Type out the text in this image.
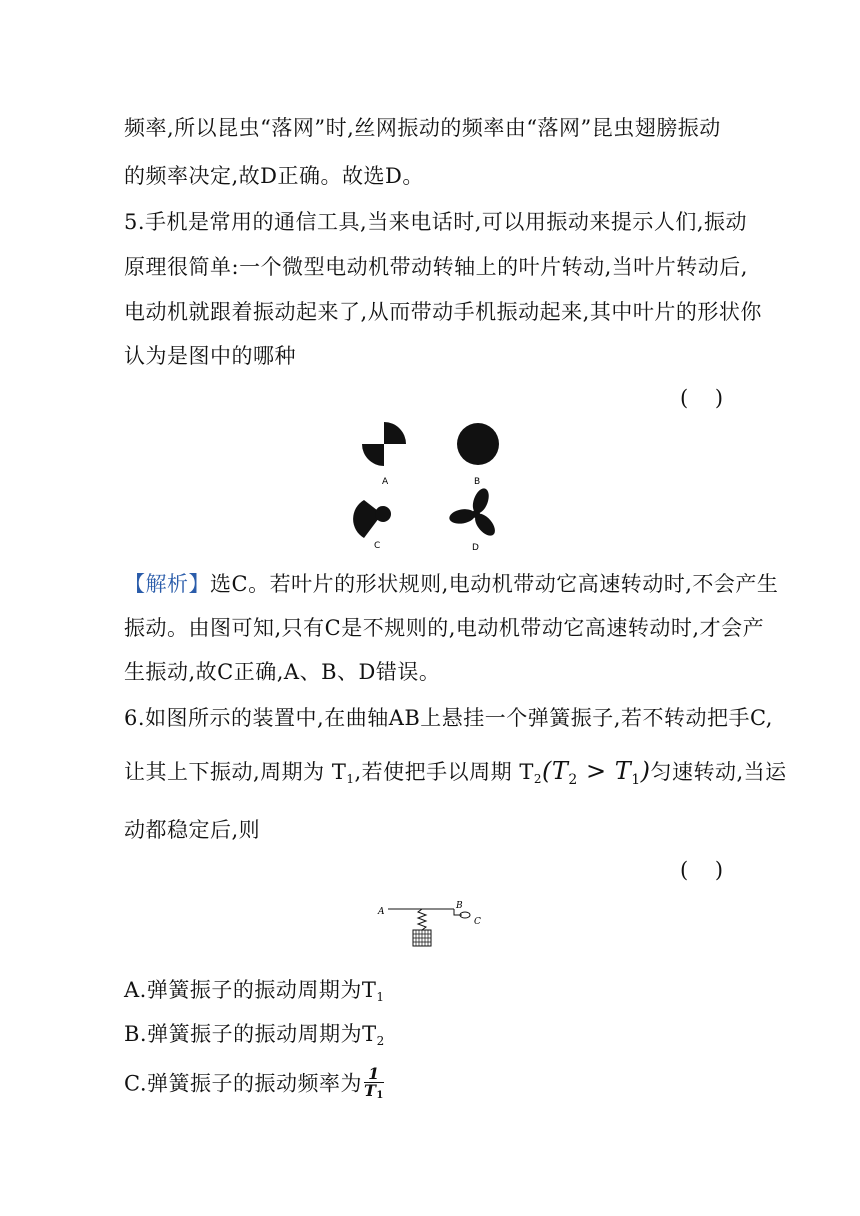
频率,所以昆虫“落网”时,丝网振动的频率由“落网”昆虫翅膀振动
的频率决定,故D正确。故选D。
5.手机是常用的通信工具,当来电话时,可以用振动来提示人们,振动
原理很简单:一个微型电动机带动转轴上的叶片转动,当叶片转动后,
电动机就跟着振动起来了,从而带动手机振动起来,其中叶片的形状你
认为是图中的哪种
(    )
A	B
C	D
【解析】选C。若叶片的形状规则,电动机带动它高速转动时,不会产生
振动。由图可知,只有C是不规则的,电动机带动它高速转动时,才会产
生振动,故C正确,A、B、D错误。
6.如图所示的装置中,在曲轴AB上悬挂一个弹簧振子,若不转动把手C,
让其上下振动,周期为 $T_1$,若使把手以周期 $T_2(T_2 > T_1)$匀速转动,当运
动都稳定后,则
(    )
A
B
C
A.弹簧振子的振动周期为$T_1$
B.弹簧振子的振动周期为$T_2$
C.弹簧振子的振动频率为 $\frac{1}{T1}$
